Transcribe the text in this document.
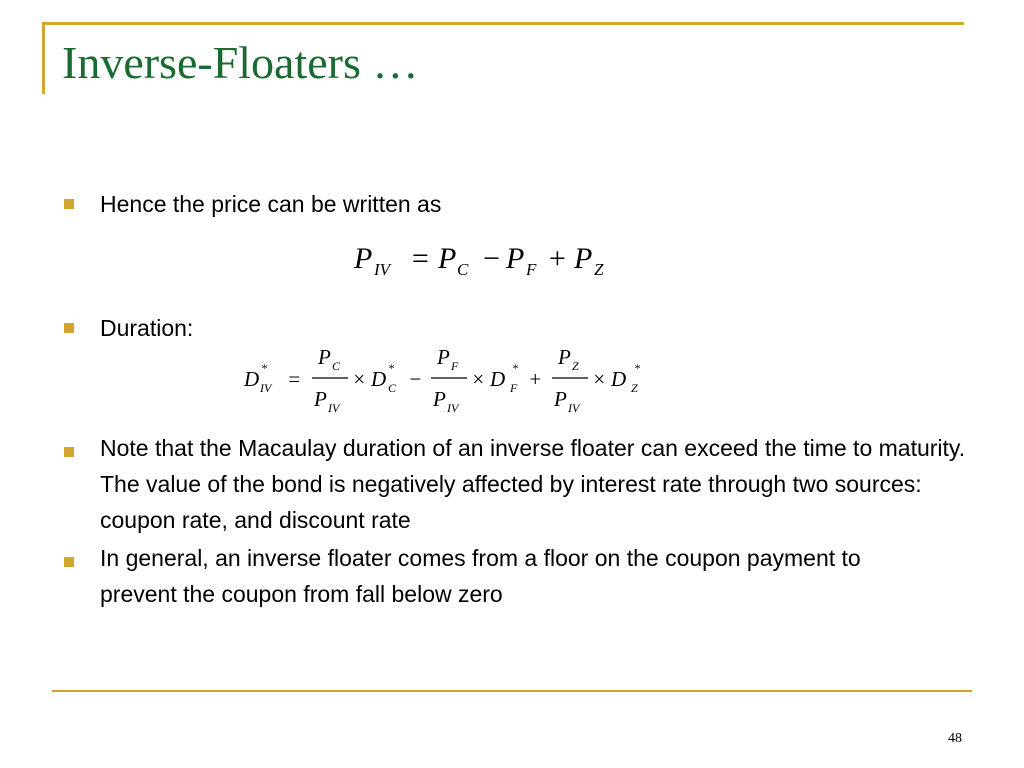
Inverse-Floaters …
Hence the price can be written as
P IV = P C − P F + P Z
Duration:
D *
IV =
P C
P IV
× D *
C −
P F
P IV
× D *
F +
P Z
P IV
× D *
Z
Note that the Macaulay duration of an inverse floater can exceed the time to maturity. The value of the bond is negatively affected by interest rate through two sources: coupon rate, and discount rate
In general, an inverse floater comes from a floor on the coupon payment to prevent the coupon from fall below zero
48
